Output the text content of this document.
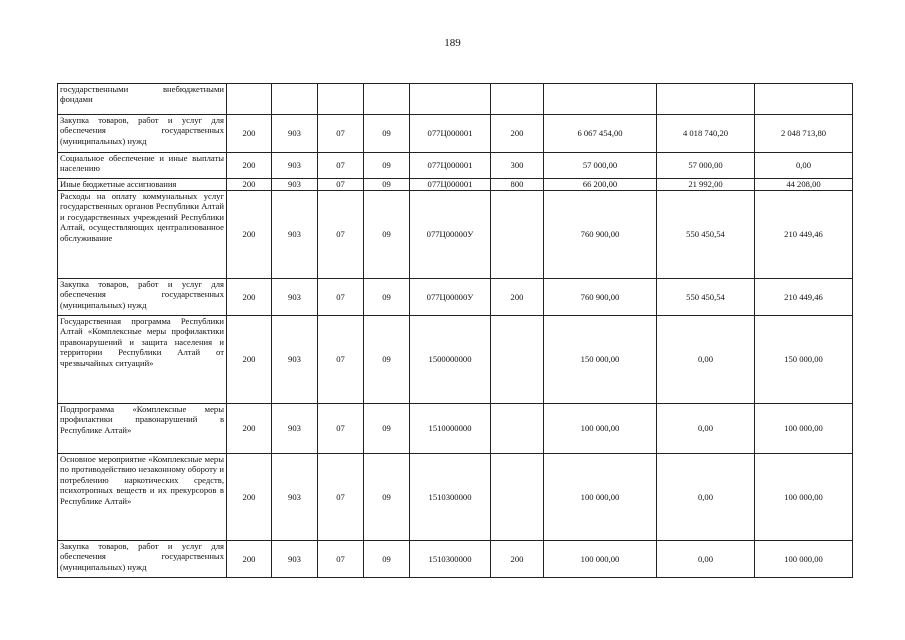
189
государственными внебюджетными фондами									
Закупка товаров, работ и услуг для обеспечения государственных (муниципальных) нужд	200	903	07	09	077Ц000001	200	6 067 454,00	4 018 740,20	2 048 713,80
Социальное обеспечение и иные выплаты населению	200	903	07	09	077Ц000001	300	57 000,00	57 000,00	0,00
Иные бюджетные ассигнования	200	903	07	09	077Ц000001	800	66 200,00	21 992,00	44 208,00
Расходы на оплату коммунальных услуг государственных органов Республики Алтай и государственных учреждений Республики Алтай, осуществляющих централизованное обслуживание	200	903	07	09	077Ц00000У		760 900,00	550 450,54	210 449,46
Закупка товаров, работ и услуг для обеспечения государственных (муниципальных) нужд	200	903	07	09	077Ц00000У	200	760 900,00	550 450,54	210 449,46
Государственная программа Республики Алтай «Комплексные меры профилактики правонарушений и защита населения и территории Республики Алтай от чрезвычайных ситуаций»	200	903	07	09	1500000000		150 000,00	0,00	150 000,00
Подпрограмма «Комплексные меры профилактики правонарушений в Республике Алтай»	200	903	07	09	1510000000		100 000,00	0,00	100 000,00
Основное мероприятие «Комплексные меры по противодействию незаконному обороту и потреблению наркотических средств, психотропных веществ и их прекурсоров в Республике Алтай»	200	903	07	09	1510300000		100 000,00	0,00	100 000,00
Закупка товаров, работ и услуг для обеспечения государственных (муниципальных) нужд	200	903	07	09	1510300000	200	100 000,00	0,00	100 000,00
